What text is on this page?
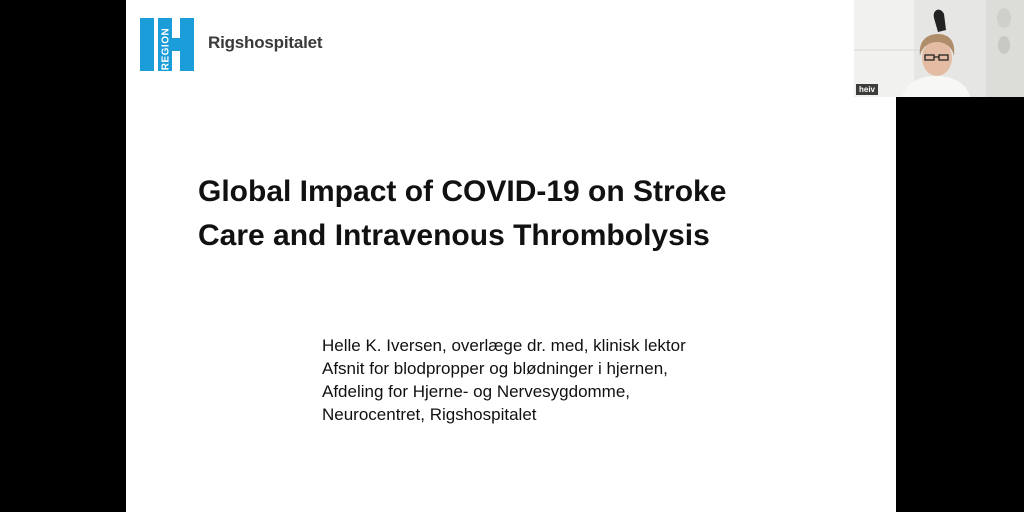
REGION Rigshospitalet
Global Impact of COVID-19 on Stroke
Care and Intravenous Thrombolysis
Helle K. Iversen, overlæge dr. med, klinisk lektor
Afsnit for blodpropper og blødninger i hjernen,
Afdeling for Hjerne- og Nervesygdomme,
Neurocentret, Rigshospitalet
heiv
